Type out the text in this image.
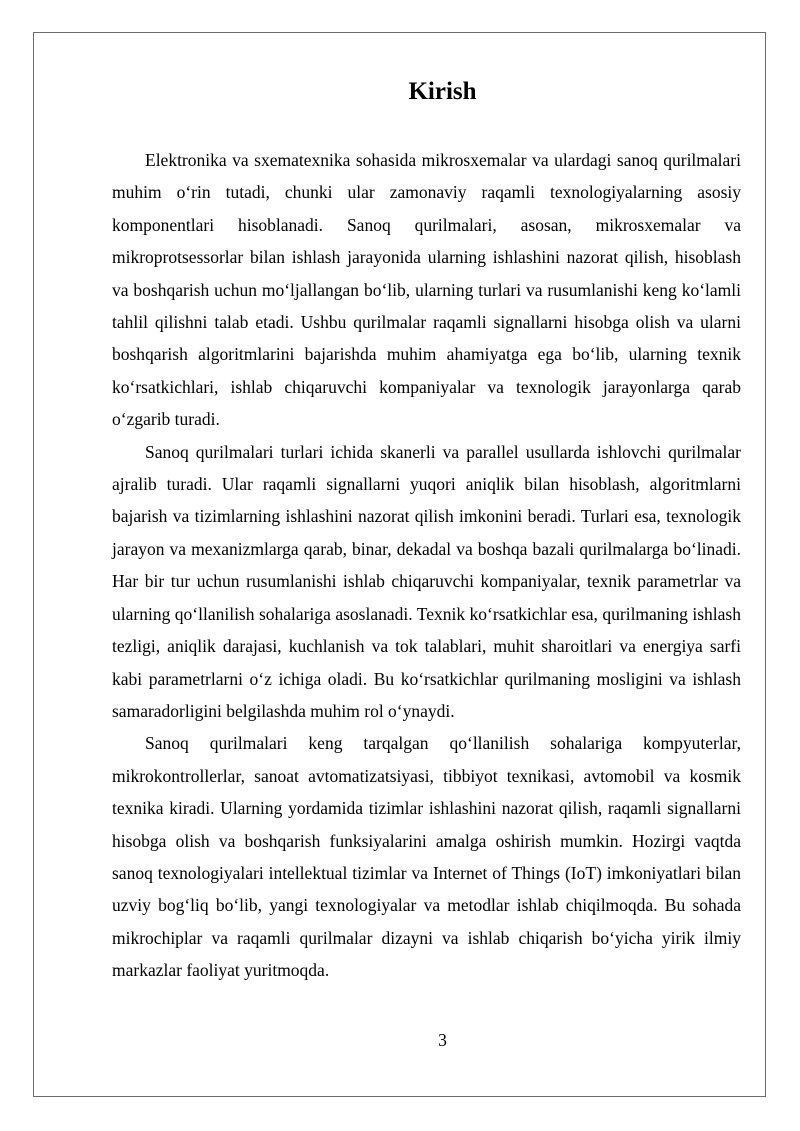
Kirish

Elektronika va sxematexnika sohasida mikrosxemalar va ulardagi sanoq qurilmalari muhim o‘rin tutadi, chunki ular zamonaviy raqamli texnologiyalarning asosiy komponentlari hisoblanadi. Sanoq qurilmalari, asosan, mikrosxemalar va mikroprotsessorlar bilan ishlash jarayonida ularning ishlashini nazorat qilish, hisoblash va boshqarish uchun mo‘ljallangan bo‘lib, ularning turlari va rusumlanishi keng ko‘lamli tahlil qilishni talab etadi. Ushbu qurilmalar raqamli signallarni hisobga olish va ularni boshqarish algoritmlarini bajarishda muhim ahamiyatga ega bo‘lib, ularning texnik ko‘rsatkichlari, ishlab chiqaruvchi kompaniyalar va texnologik jarayonlarga qarab o‘zgarib turadi.

Sanoq qurilmalari turlari ichida skanerli va parallel usullarda ishlovchi qurilmalar ajralib turadi. Ular raqamli signallarni yuqori aniqlik bilan hisoblash, algoritmlarni bajarish va tizimlarning ishlashini nazorat qilish imkonini beradi. Turlari esa, texnologik jarayon va mexanizmlarga qarab, binar, dekadal va boshqa bazali qurilmalarga bo‘linadi. Har bir tur uchun rusumlanishi ishlab chiqaruvchi kompaniyalar, texnik parametrlar va ularning qo‘llanilish sohalariga asoslanadi. Texnik ko‘rsatkichlar esa, qurilmaning ishlash tezligi, aniqlik darajasi, kuchlanish va tok talablari, muhit sharoitlari va energiya sarfi kabi parametrlarni o‘z ichiga oladi. Bu ko‘rsatkichlar qurilmaning mosligini va ishlash samaradorligini belgilashda muhim rol o‘ynaydi.

Sanoq qurilmalari keng tarqalgan qo‘llanilish sohalariga kompyuterlar, mikrokontrollerlar, sanoat avtomatizatsiyasi, tibbiyot texnikasi, avtomobil va kosmik texnika kiradi. Ularning yordamida tizimlar ishlashini nazorat qilish, raqamli signallarni hisobga olish va boshqarish funksiyalarini amalga oshirish mumkin. Hozirgi vaqtda sanoq texnologiyalari intellektual tizimlar va Internet of Things (IoT) imkoniyatlari bilan uzviy bog‘liq bo‘lib, yangi texnologiyalar va metodlar ishlab chiqilmoqda. Bu sohada mikrochiplar va raqamli qurilmalar dizayni va ishlab chiqarish bo‘yicha yirik ilmiy markazlar faoliyat yuritmoqda.

3
